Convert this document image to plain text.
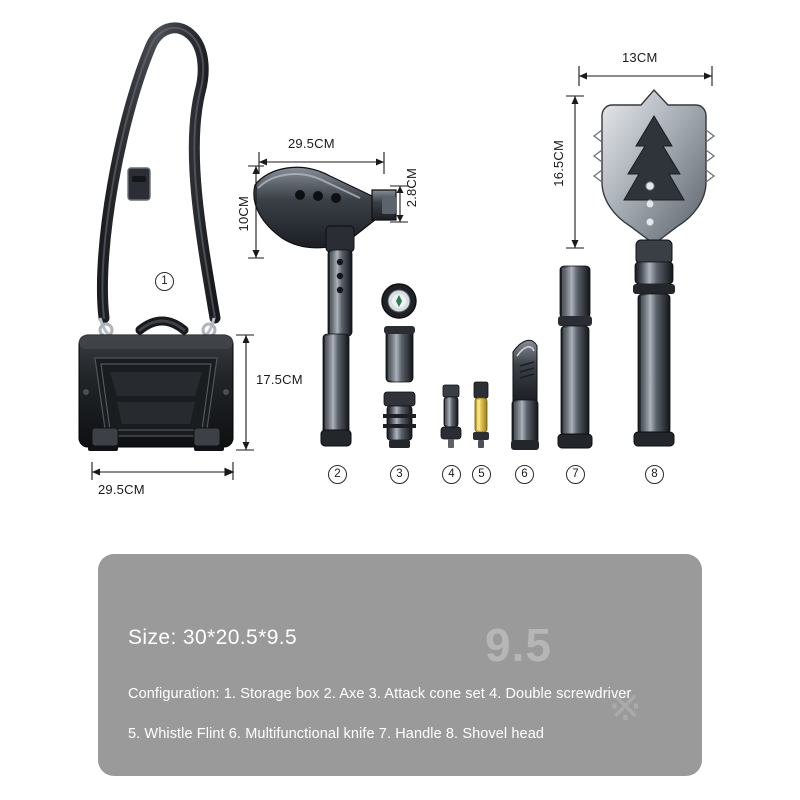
29.5CM
17.5CM
29.5CM
10CM
2.8CM
13CM
16.5CM
1
2	3	4	5	6	7	8
9.5
※
Size: 30*20.5*9.5
Configuration: 1. Storage box 2. Axe 3. Attack cone set 4. Double screwdriver
5. Whistle Flint 6. Multifunctional knife 7. Handle 8. Shovel head
